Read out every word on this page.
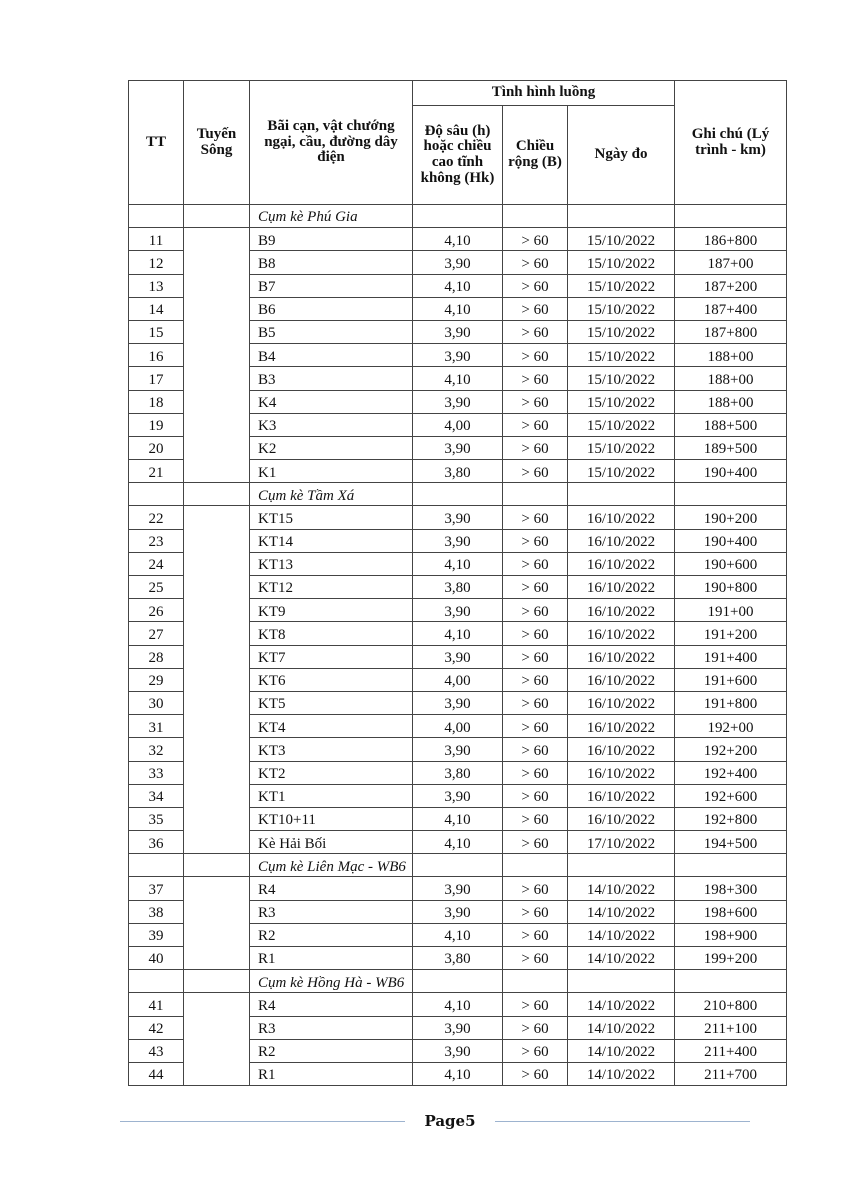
TT	Tuyến Sông	Bãi cạn, vật chướng ngại, cầu, đường dây điện	Tình hình luồng			Ghi chú (Lý trình - km)
			Độ sâu (h) hoặc chiều cao tĩnh không (Hk)	Chiều rộng (B)	Ngày đo	
		Cụm kè Phú Gia				
11		B9	4,10	> 60	15/10/2022	186+800
12		B8	3,90	> 60	15/10/2022	187+00
13		B7	4,10	> 60	15/10/2022	187+200
14		B6	4,10	> 60	15/10/2022	187+400
15		B5	3,90	> 60	15/10/2022	187+800
16		B4	3,90	> 60	15/10/2022	188+00
17		B3	4,10	> 60	15/10/2022	188+00
18		K4	3,90	> 60	15/10/2022	188+00
19		K3	4,00	> 60	15/10/2022	188+500
20		K2	3,90	> 60	15/10/2022	189+500
21		K1	3,80	> 60	15/10/2022	190+400
		Cụm kè Tầm Xá				
22		KT15	3,90	> 60	16/10/2022	190+200
23		KT14	3,90	> 60	16/10/2022	190+400
24		KT13	4,10	> 60	16/10/2022	190+600
25		KT12	3,80	> 60	16/10/2022	190+800
26		KT9	3,90	> 60	16/10/2022	191+00
27		KT8	4,10	> 60	16/10/2022	191+200
28		KT7	3,90	> 60	16/10/2022	191+400
29		KT6	4,00	> 60	16/10/2022	191+600
30		KT5	3,90	> 60	16/10/2022	191+800
31		KT4	4,00	> 60	16/10/2022	192+00
32		KT3	3,90	> 60	16/10/2022	192+200
33		KT2	3,80	> 60	16/10/2022	192+400
34		KT1	3,90	> 60	16/10/2022	192+600
35		KT10+11	4,10	> 60	16/10/2022	192+800
36		Kè Hải Bối	4,10	> 60	17/10/2022	194+500
		Cụm kè Liên Mạc - WB6				
37		R4	3,90	> 60	14/10/2022	198+300
38		R3	3,90	> 60	14/10/2022	198+600
39		R2	4,10	> 60	14/10/2022	198+900
40		R1	3,80	> 60	14/10/2022	199+200
		Cụm kè Hồng Hà - WB6				
41		R4	4,10	> 60	14/10/2022	210+800
42		R3	3,90	> 60	14/10/2022	211+100
43		R2	3,90	> 60	14/10/2022	211+400
44		R1	4,10	> 60	14/10/2022	211+700
Page5
